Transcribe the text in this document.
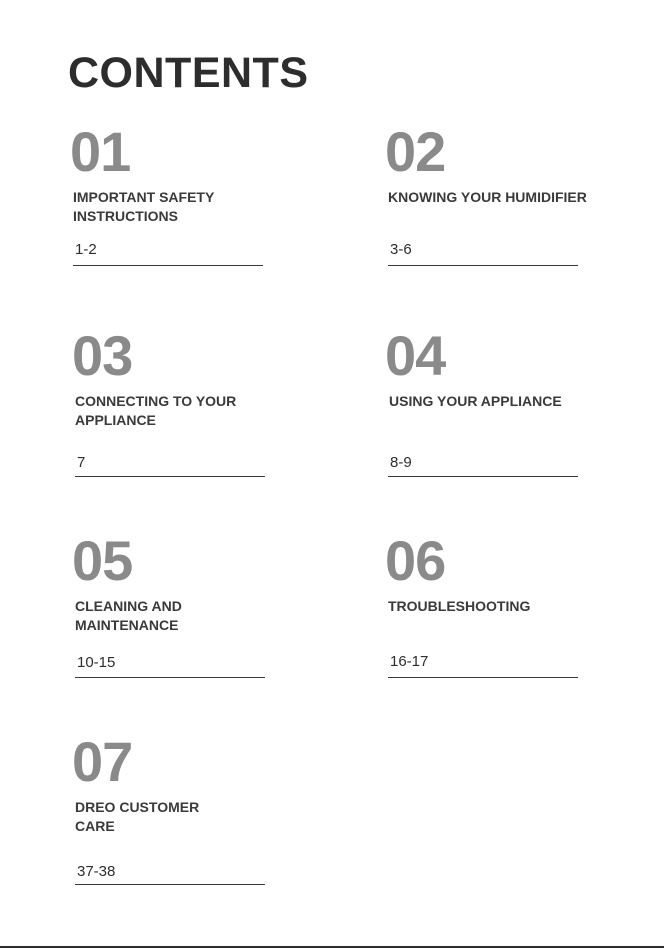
CONTENTS
01
IMPORTANT SAFETY INSTRUCTIONS
1-2
02
KNOWING YOUR HUMIDIFIER
3-6
03
CONNECTING TO YOUR APPLIANCE
7
04
USING YOUR APPLIANCE
8-9
05
CLEANING AND MAINTENANCE
10-15
06
TROUBLESHOOTING
16-17
07
DREO CUSTOMER CARE
37-38
